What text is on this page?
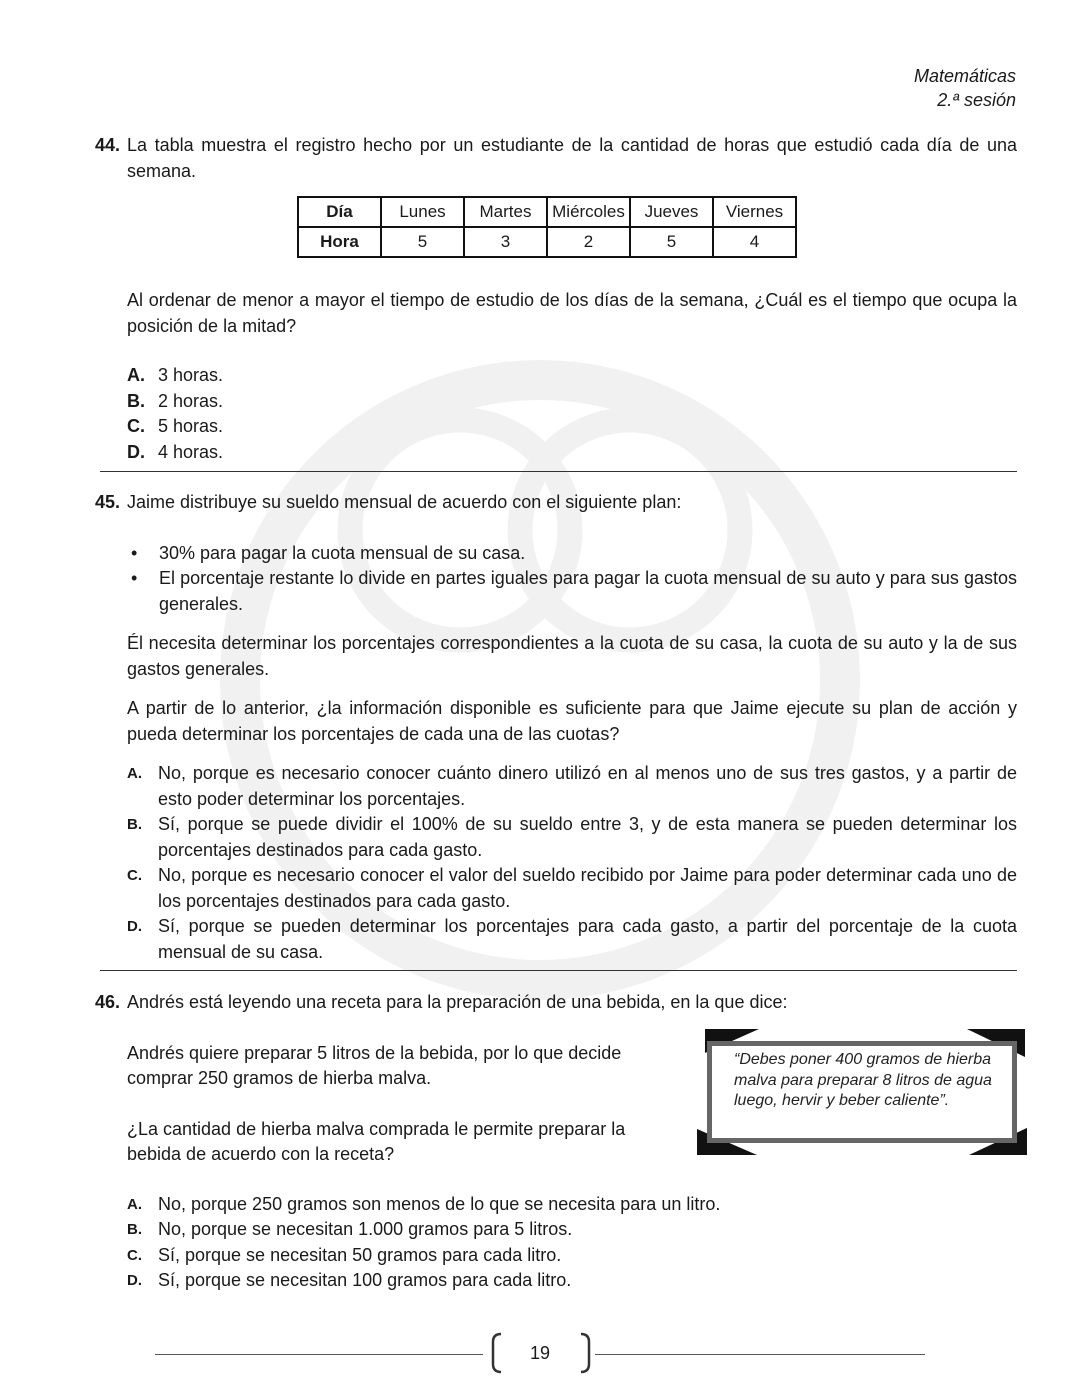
Matemáticas
2.ª sesión
44. La tabla muestra el registro hecho por un estudiante de la cantidad de horas que estudió cada día de una semana.
Día	Lunes	Martes	Miércoles	Jueves	Viernes
Hora	5	3	2	5	4
Al ordenar de menor a mayor el tiempo de estudio de los días de la semana, ¿Cuál es el tiempo que ocupa la posición de la mitad?
A. 3 horas.
B. 2 horas.
C. 5 horas.
D. 4 horas.
45. Jaime distribuye su sueldo mensual de acuerdo con el siguiente plan:
• 30% para pagar la cuota mensual de su casa.
• El porcentaje restante lo divide en partes iguales para pagar la cuota mensual de su auto y para sus gastos generales.
Él necesita determinar los porcentajes correspondientes a la cuota de su casa, la cuota de su auto y la de sus gastos generales.
A partir de lo anterior, ¿la información disponible es suficiente para que Jaime ejecute su plan de acción y pueda determinar los porcentajes de cada una de las cuotas?
A. No, porque es necesario conocer cuánto dinero utilizó en al menos uno de sus tres gastos, y a partir de esto poder determinar los porcentajes.
B. Sí, porque se puede dividir el 100% de su sueldo entre 3, y de esta manera se pueden determinar los porcentajes destinados para cada gasto.
C. No, porque es necesario conocer el valor del sueldo recibido por Jaime para poder determinar cada uno de los porcentajes destinados para cada gasto.
D. Sí, porque se pueden determinar los porcentajes para cada gasto, a partir del porcentaje de la cuota mensual de su casa.
46. Andrés está leyendo una receta para la preparación de una bebida, en la que dice:
Andrés quiere preparar 5 litros de la bebida, por lo que decide comprar 250 gramos de hierba malva.
¿La cantidad de hierba malva comprada le permite preparar la bebida de acuerdo con la receta?
A. No, porque 250 gramos son menos de lo que se necesita para un litro.
B. No, porque se necesitan 1.000 gramos para 5 litros.
C. Sí, porque se necesitan 50 gramos para cada litro.
D. Sí, porque se necesitan 100 gramos para cada litro.
“Debes poner 400 gramos de hierba malva para preparar 8 litros de agua luego, hervir y beber caliente”.
19
